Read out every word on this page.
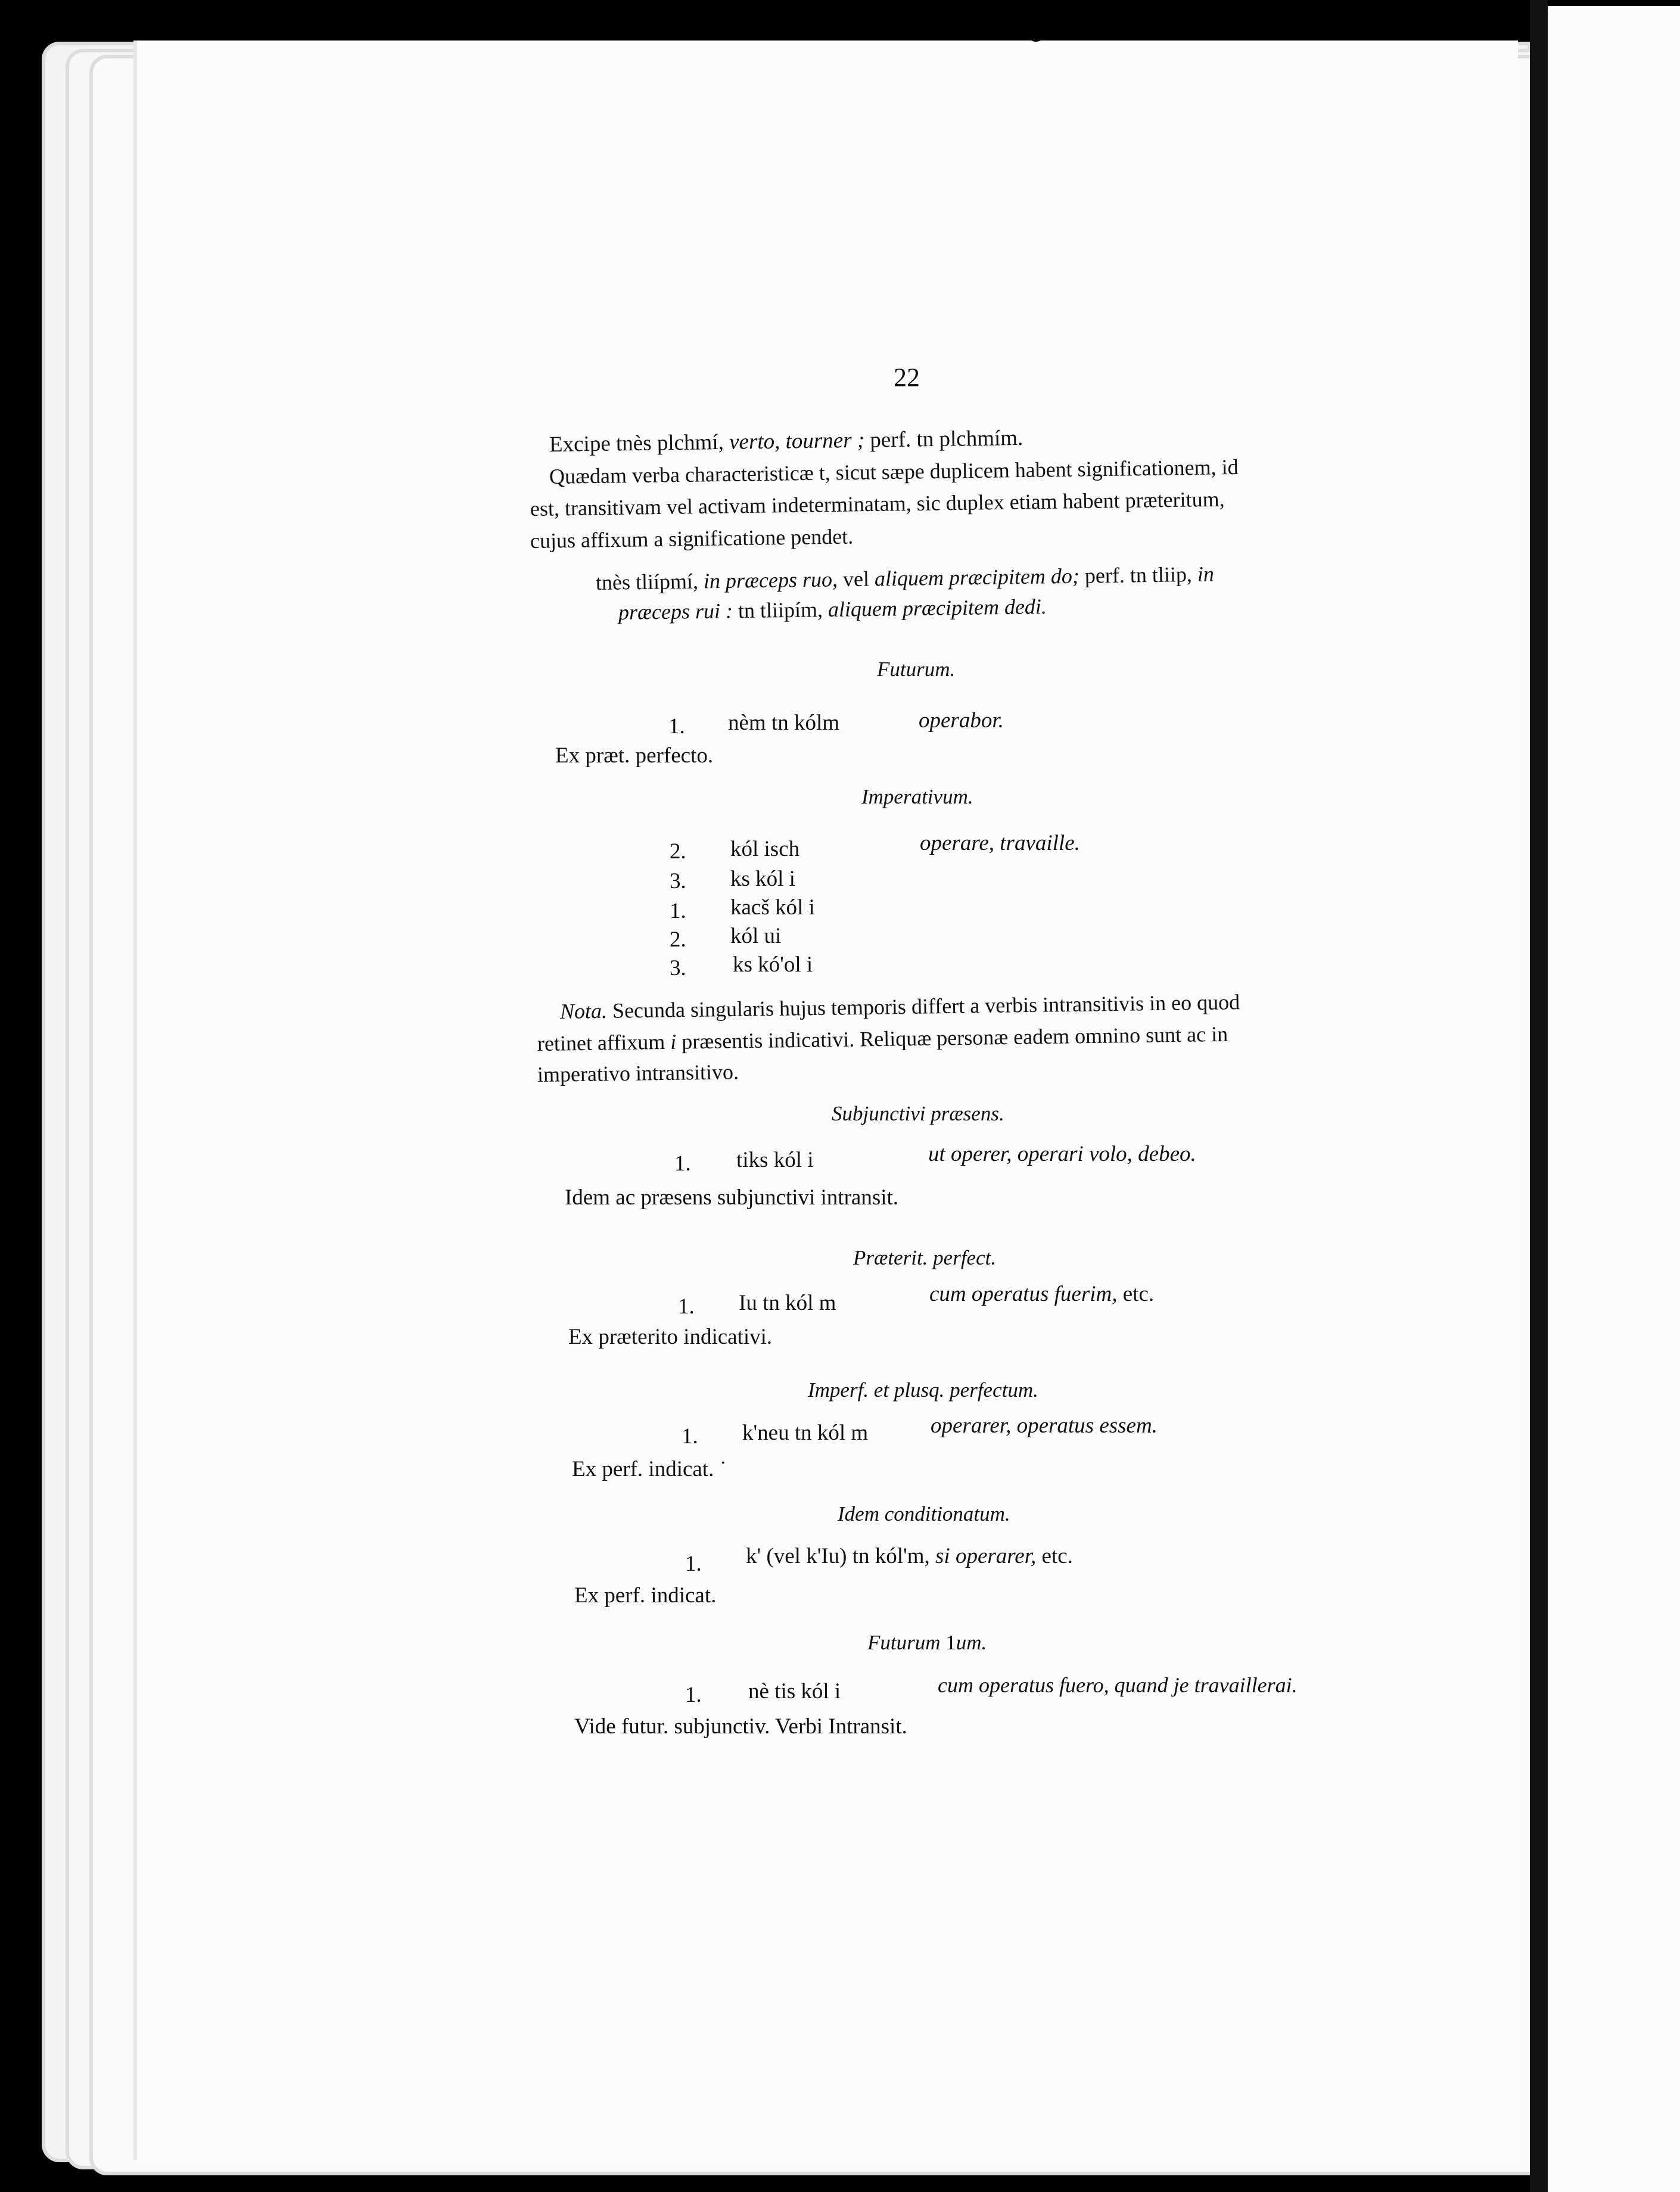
22
Excipe tnès plchmí, verto, tourner ; perf. tn plchmím.
Quædam verba characteristicæ t, sicut sæpe duplicem habent significationem, id
est, transitivam vel activam indeterminatam, sic duplex etiam habent præteritum,
cujus affixum a significatione pendet.
tnès tliípmí, in præceps ruo, vel aliquem præcipitem do; perf. tn tliip, in
præceps rui : tn tliipím, aliquem præcipitem dedi.
Futurum.
1. nèm tn kólm	operabor.
Ex præt. perfecto.
Imperativum.
2. kól isch	operare, travaille.
3. ks kól i
1. kacš kól i
2. kól ui
3. ks kó'ol i
Nota. Secunda singularis hujus temporis differt a verbis intransitivis in eo quod
retinet affixum i præsentis indicativi. Reliquæ personæ eadem omnino sunt ac in
imperativo intransitivo.
Subjunctivi præsens.
1. tiks kól i	ut operer, operari volo, debeo.
Idem ac præsens subjunctivi intransit.
Præterit. perfect.
1. Iu tn kól m	cum operatus fuerim, etc.
Ex præterito indicativi.
Imperf. et plusq. perfectum.
1. k'neu tn kól m	operarer, operatus essem.
Ex perf. indicat. ˙
Idem conditionatum.
1. k' (vel k'Iu) tn kól'm, si operarer, etc.
Ex perf. indicat.
Futurum 1um.
1. nè tis kól i	cum operatus fuero, quand je travaillerai.
Vide futur. subjunctiv. Verbi Intransit.
